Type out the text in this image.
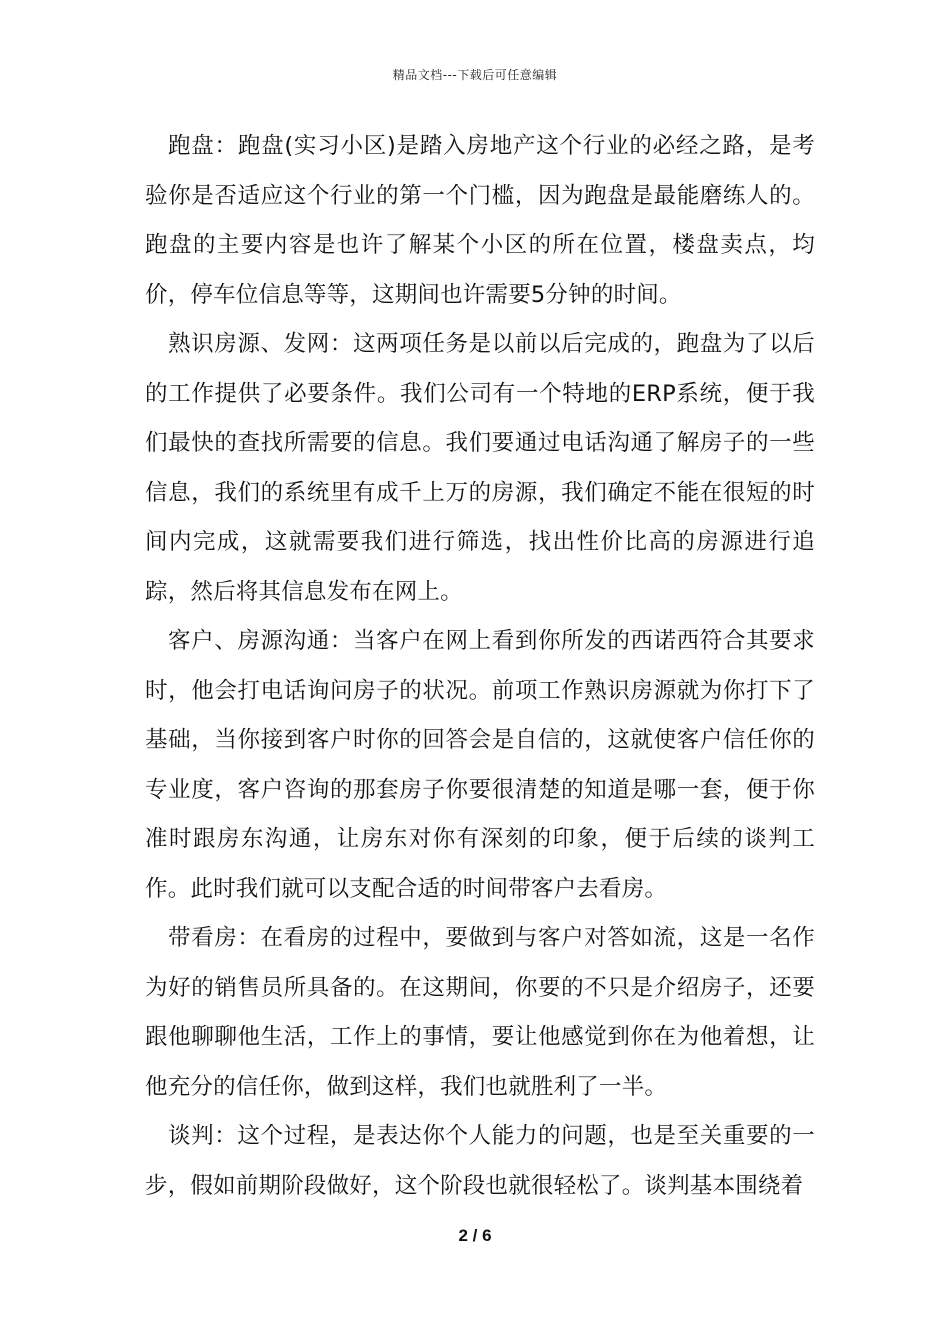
精品文档---下载后可任意编辑

跑盘：跑盘(实习小区)是踏入房地产这个行业的必经之路，是考验你是否适应这个行业的第一个门槛，因为跑盘是最能磨练人的。跑盘的主要内容是也许了解某个小区的所在位置，楼盘卖点，均价，停车位信息等等，这期间也许需要5分钟的时间。

熟识房源、发网：这两项任务是以前以后完成的，跑盘为了以后的工作提供了必要条件。我们公司有一个特地的ERP系统，便于我们最快的查找所需要的信息。我们要通过电话沟通了解房子的一些信息，我们的系统里有成千上万的房源，我们确定不能在很短的时间内完成，这就需要我们进行筛选，找出性价比高的房源进行追踪，然后将其信息发布在网上。

客户、房源沟通：当客户在网上看到你所发的西诺西符合其要求时，他会打电话询问房子的状况。前项工作熟识房源就为你打下了基础，当你接到客户时你的回答会是自信的，这就使客户信任你的专业度，客户咨询的那套房子你要很清楚的知道是哪一套，便于你准时跟房东沟通，让房东对你有深刻的印象，便于后续的谈判工作。此时我们就可以支配合适的时间带客户去看房。

带看房：在看房的过程中，要做到与客户对答如流，这是一名作为好的销售员所具备的。在这期间，你要的不只是介绍房子，还要跟他聊聊他生活，工作上的事情，要让他感觉到你在为他着想，让他充分的信任你，做到这样，我们也就胜利了一半。

谈判：这个过程，是表达你个人能力的问题，也是至关重要的一步，假如前期阶段做好，这个阶段也就很轻松了。谈判基本围绕着

2 / 6
